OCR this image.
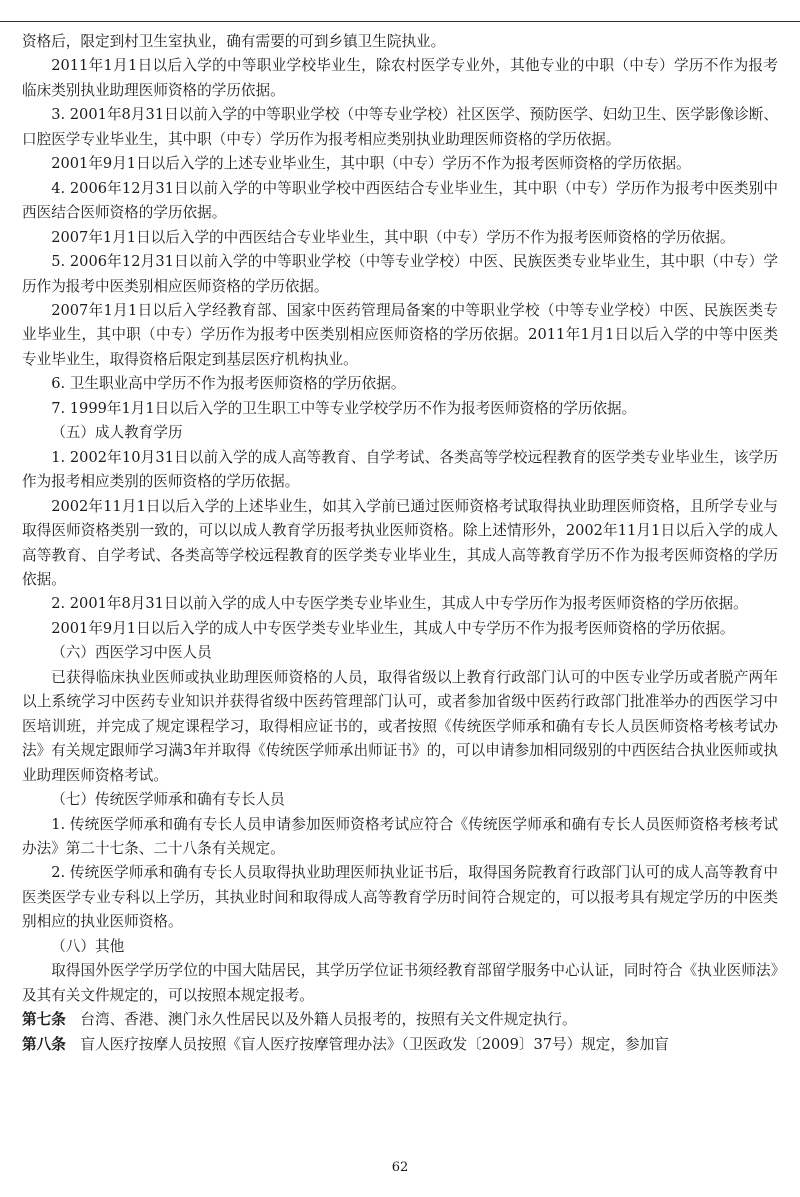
资格后，限定到村卫生室执业，确有需要的可到乡镇卫生院执业。

2011年1月1日以后入学的中等职业学校毕业生，除农村医学专业外，其他专业的中职（中专）学历不作为报考临床类别执业助理医师资格的学历依据。

3. 2001年8月31日以前入学的中等职业学校（中等专业学校）社区医学、预防医学、妇幼卫生、医学影像诊断、口腔医学专业毕业生，其中职（中专）学历作为报考相应类别执业助理医师资格的学历依据。

2001年9月1日以后入学的上述专业毕业生，其中职（中专）学历不作为报考医师资格的学历依据。

4. 2006年12月31日以前入学的中等职业学校中西医结合专业毕业生，其中职（中专）学历作为报考中医类别中西医结合医师资格的学历依据。

2007年1月1日以后入学的中西医结合专业毕业生，其中职（中专）学历不作为报考医师资格的学历依据。

5. 2006年12月31日以前入学的中等职业学校（中等专业学校）中医、民族医类专业毕业生，其中职（中专）学历作为报考中医类别相应医师资格的学历依据。

2007年1月1日以后入学经教育部、国家中医药管理局备案的中等职业学校（中等专业学校）中医、民族医类专业毕业生，其中职（中专）学历作为报考中医类别相应医师资格的学历依据。2011年1月1日以后入学的中等中医类专业毕业生，取得资格后限定到基层医疗机构执业。

6. 卫生职业高中学历不作为报考医师资格的学历依据。

7. 1999年1月1日以后入学的卫生职工中等专业学校学历不作为报考医师资格的学历依据。

（五）成人教育学历

1. 2002年10月31日以前入学的成人高等教育、自学考试、各类高等学校远程教育的医学类专业毕业生，该学历作为报考相应类别的医师资格的学历依据。

2002年11月1日以后入学的上述毕业生，如其入学前已通过医师资格考试取得执业助理医师资格，且所学专业与取得医师资格类别一致的，可以以成人教育学历报考执业医师资格。除上述情形外，2002年11月1日以后入学的成人高等教育、自学考试、各类高等学校远程教育的医学类专业毕业生，其成人高等教育学历不作为报考医师资格的学历依据。

2. 2001年8月31日以前入学的成人中专医学类专业毕业生，其成人中专学历作为报考医师资格的学历依据。

2001年9月1日以后入学的成人中专医学类专业毕业生，其成人中专学历不作为报考医师资格的学历依据。

（六）西医学习中医人员

已获得临床执业医师或执业助理医师资格的人员，取得省级以上教育行政部门认可的中医专业学历或者脱产两年以上系统学习中医药专业知识并获得省级中医药管理部门认可，或者参加省级中医药行政部门批准举办的西医学习中医培训班，并完成了规定课程学习，取得相应证书的，或者按照《传统医学师承和确有专长人员医师资格考核考试办法》有关规定跟师学习满3年并取得《传统医学师承出师证书》的，可以申请参加相同级别的中西医结合执业医师或执业助理医师资格考试。

（七）传统医学师承和确有专长人员

1. 传统医学师承和确有专长人员申请参加医师资格考试应符合《传统医学师承和确有专长人员医师资格考核考试办法》第二十七条、二十八条有关规定。

2. 传统医学师承和确有专长人员取得执业助理医师执业证书后，取得国务院教育行政部门认可的成人高等教育中医类医学专业专科以上学历，其执业时间和取得成人高等教育学历时间符合规定的，可以报考具有规定学历的中医类别相应的执业医师资格。

（八）其他

取得国外医学学历学位的中国大陆居民，其学历学位证书须经教育部留学服务中心认证，同时符合《执业医师法》及其有关文件规定的，可以按照本规定报考。

第七条 台湾、香港、澳门永久性居民以及外籍人员报考的，按照有关文件规定执行。

第八条 盲人医疗按摩人员按照《盲人医疗按摩管理办法》（卫医政发〔2009〕37号）规定，参加盲

62
